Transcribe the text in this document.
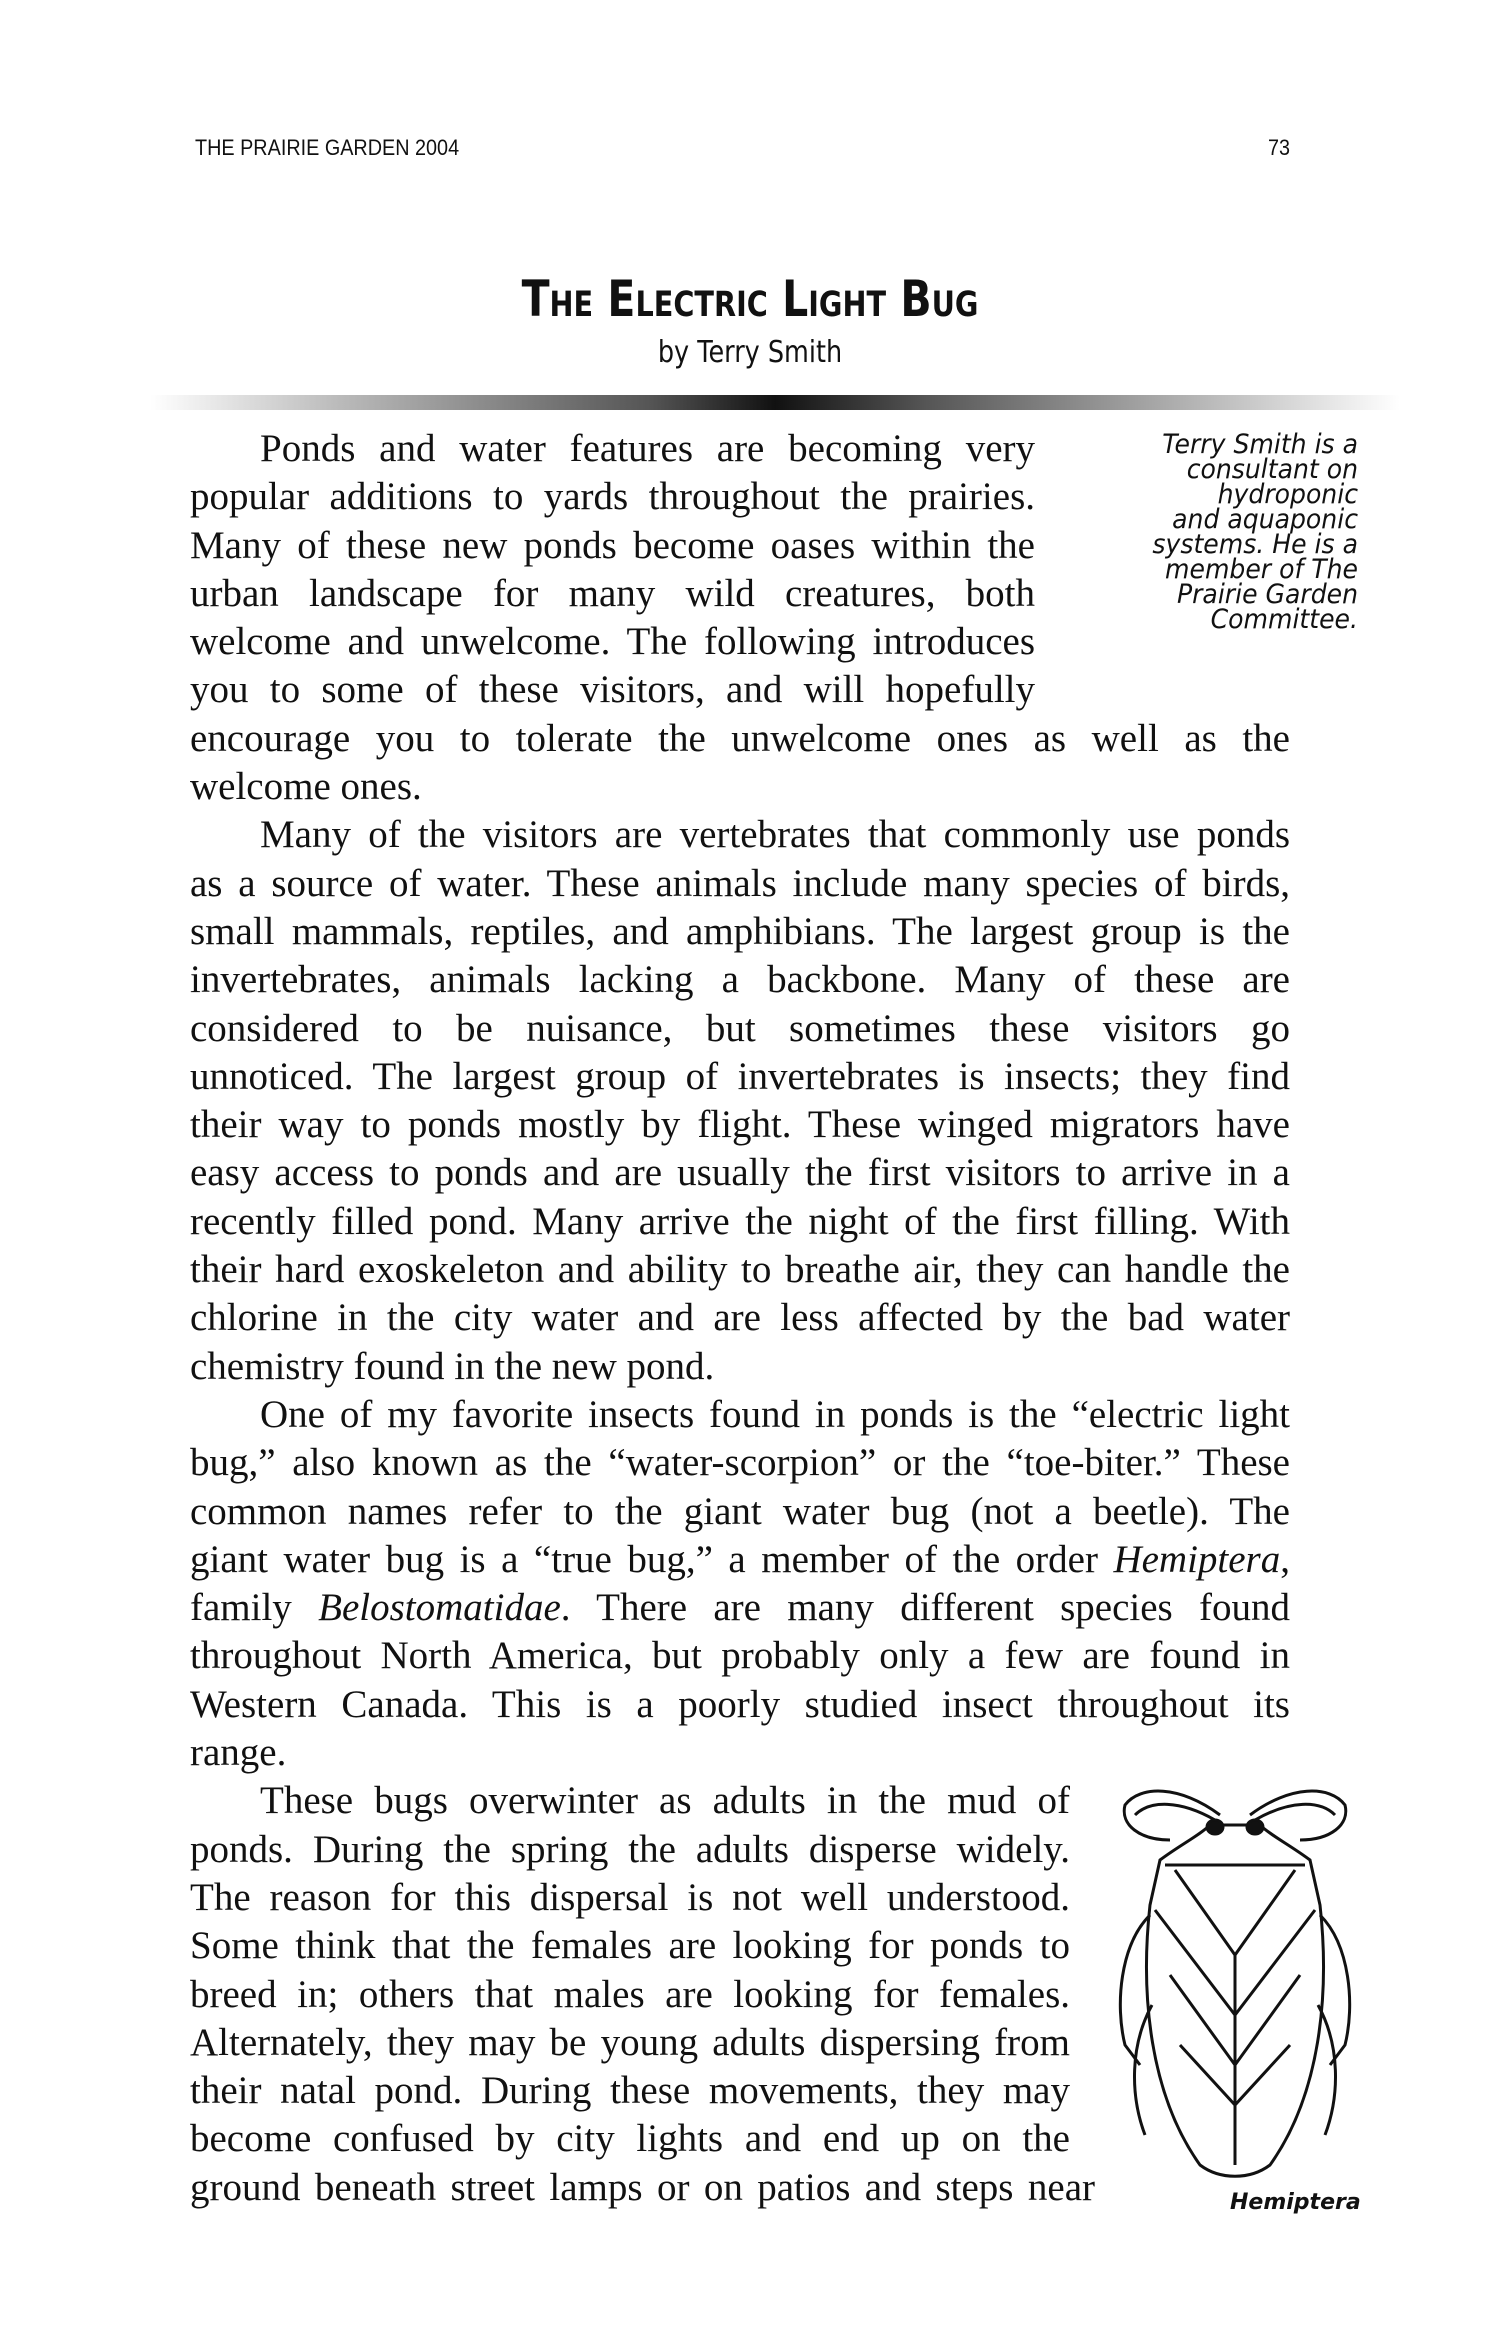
THE PRAIRIE GARDEN 2004	73
The Electric Light Bug
by Terry Smith
Terry Smith is a
consultant on
hydroponic
and aquaponic
systems. He is a
member of The
Prairie Garden
Committee.
Ponds and water features are becoming very
popular additions to yards throughout the prairies.
Many of these new ponds become oases within the
urban landscape for many wild creatures, both
welcome and unwelcome. The following introduces
you to some of these visitors, and will hopefully
encourage you to tolerate the unwelcome ones as well as the
welcome ones.
Many of the visitors are vertebrates that commonly use ponds
as a source of water. These animals include many species of birds,
small mammals, reptiles, and amphibians. The largest group is the
invertebrates, animals lacking a backbone. Many of these are
considered to be nuisance, but sometimes these visitors go
unnoticed. The largest group of invertebrates is insects; they find
their way to ponds mostly by flight. These winged migrators have
easy access to ponds and are usually the first visitors to arrive in a
recently filled pond. Many arrive the night of the first filling. With
their hard exoskeleton and ability to breathe air, they can handle the
chlorine in the city water and are less affected by the bad water
chemistry found in the new pond.
One of my favorite insects found in ponds is the “electric light
bug,” also known as the “water-scorpion” or the “toe-biter.” These
common names refer to the giant water bug (not a beetle). The
giant water bug is a “true bug,” a member of the order Hemiptera,
family Belostomatidae. There are many different species found
throughout North America, but probably only a few are found in
Western Canada. This is a poorly studied insect throughout its
range.
These bugs overwinter as adults in the mud of
ponds. During the spring the adults disperse widely.
The reason for this dispersal is not well understood.
Some think that the females are looking for ponds to
breed in; others that males are looking for females.
Alternately, they may be young adults dispersing from
their natal pond. During these movements, they may
become confused by city lights and end up on the
ground beneath street lamps or on patios and steps near	Hemiptera
